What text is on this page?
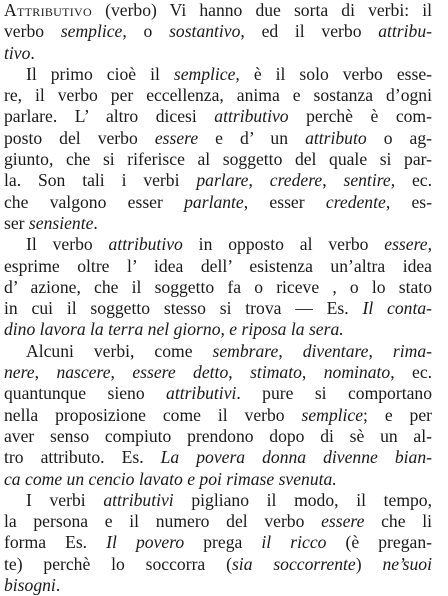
Attributivo (verbo) Vi hanno due sorta di verbi: il
verbo semplice, o sostantivo, ed il verbo attribu-
tivo.
Il primo cioè il semplice, è il solo verbo esse-
re, il verbo per eccellenza, anima e sostanza d’ogni
parlare. L’ altro dicesi attributivo perchè è com-
posto del verbo essere e d’ un attributo o ag-
giunto, che si riferisce al soggetto del quale si par-
la. Son tali i verbi parlare, credere, sentire, ec.
che valgono esser parlante, esser credente, es-
ser sensiente.
Il verbo attributivo in opposto al verbo essere,
esprime oltre l’ idea dell’ esistenza un’altra idea
d’ azione, che il soggetto fa o riceve , o lo stato
in cui il soggetto stesso si trova — Es. Il conta-
dino lavora la terra nel giorno, e riposa la sera.
Alcuni verbi, come sembrare, diventare, rima-
nere, nascere, essere detto, stimato, nominato, ec.
quantunque sieno attributivi. pure si comportano
nella proposizione come il verbo semplice; e per
aver senso compiuto prendono dopo di sè un al-
tro attributo. Es. La povera donna divenne bian-
ca come un cencio lavato e poi rimase svenuta.
I verbi attributivi pigliano il modo, il tempo,
la persona e il numero del verbo essere che li
forma Es. Il povero prega il ricco (è pregan-
te) perchè lo soccorra (sia soccorrente) ne’suoi
bisogni.
